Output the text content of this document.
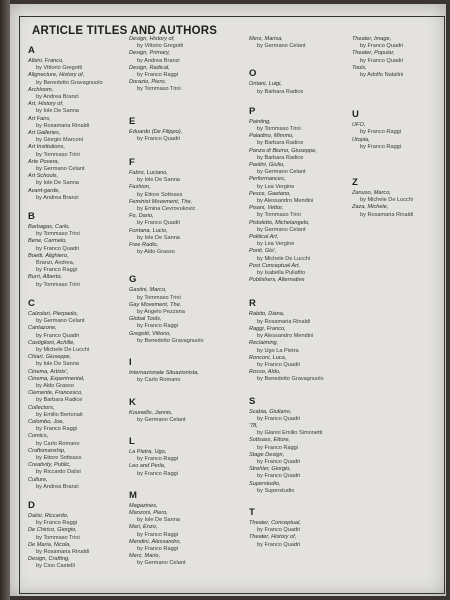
ARTICLE TITLES AND AUTHORS
A
Albini, Franco,
by Vittorio Gregotti
Allgnecture, History of,
by Benedetto Gravagnuolo
Archloom,
by Andrea Branzi
Art, History of,
by Iole De Sanna
Art Fairs,
by Rosamaria Rinaldi
Art Galleries,
by Giorgio Marconi
Art Institutions,
by Tommaso Trini
Arte Povera,
by Germano Celant
Art Schools,
by Iole De Sanna
Avant-garde,
by Andrea Branzi
B
Barbagas, Carlo,
by Tommaso Trini
Bene, Carmelo,
by Franco Quadri
Boetti, Alighiero,
Branzi, Andrea,
by Franco Raggi
Burri, Alberto,
by Tommaso Trini
C
Calzolari, Pierpaolo,
by Germano Celant
Cantazone,
by Franco Quadri
Castiglioni, Achille,
by Michele De Lucchi
Chiari, Giuseppe,
by Iole De Sanna
Cinema, Artists',
Cinema, Experimental,
by Aldo Grasso
Clemente, Francesco,
by Barbara Radice
Collectors,
by Emilio Bertonati
Colombo, Joe,
by Franco Raggi
Comics,
by Carlo Romano
Craftsmanship,
by Ettore Sottsass
Creativity, Public,
by Riccardo Dalisi
Culture,
by Andrea Branzi
D
Dalisi, Riccardo,
by Franco Raggi
De Chirico, Giorgio,
by Tommaso Trini
De Maria, Nicola,
by Rosamaria Rinaldi
Design, Crafting,
by Cioo Castelli
Design, History of,
by Vittorio Gregotti
Design, Primary,
by Andrea Branzi
Design, Radical,
by Franco Raggi
Dorazio, Piero,
by Tommaso Trini
E
Eduardo (De Filippo),
by Franco Quadri
F
Fabro, Luciano,
by Iole De Sanna
Fashion,
by Ettore Sottsass
Feminist Movement, The,
by Emina Cevrovukovic
Fo, Dario,
by Franco Quadri
Fontana, Lucio,
by Iole De Sanna
Free Radio,
by Aldo Grasso
G
Gastini, Marco,
by Tommaso Trini
Gay Movement, The,
by Angelo Pezzana
Global Tools,
by Franco Raggi
Gregotti, Vittorio,
by Benedetto Gravagnuolo
I
Internazionale Situazionista,
by Carlo Romano
K
Kounellis, Jannis,
by Germano Celant
L
La Pietra, Ugo,
by Franco Raggi
Leo and Perla,
by Franco Raggi
M
Magazines,
Manzoni, Piero,
by Iole De Sanna
Mari, Enzo,
by Franco Raggi
Mendini, Alessandro,
by Franco Raggi
Merz, Mario,
by Germano Celant
Merz, Marisa,
by Germano Celant
O
Ontani, Luigi,
by Barbara Radice
P
Painting,
by Tommaso Trini
Paladino, Mimmo,
by Barbara Radice
Panza di Biumo, Giuseppe,
by Barbara Radice
Paolini, Giulio,
by Germano Celant
Performances,
by Lea Vergine
Pesce, Gaetano,
by Alessandro Mendini
Pisani, Vettor,
by Tommaso Trini
Pistoletto, Michelangelo,
by Germano Celant
Political Art,
by Lea Vergine
Ponti, Gio',
by Michele De Lucchi
Post Conceptual Art,
by Isabella Puliafito
Publishers, Alternative
R
Rabito, Diana,
by Rosamaria Rinaldi
Raggi, Franco,
by Alessandro Mendini
Reclaiming,
by Ugo La Pietra
Ronconi, Luca,
by Franco Quadri
Rosso, Aldo,
by Benedetto Gravagnuolo
S
Scabia, Giuliano,
by Franco Quadri
'78,
by Gianni Emilio Simonetti
Sottsass, Ettore,
by Franco Raggi
Stage Design,
by Franco Quadri
Strehler, Giorgio,
by Franco Quadri
Superstudio,
by Superstudio
T
Theater, Conceptual,
by Franco Quadri
Theater, History of,
by Franco Quadri
Theater, Image,
by Franco Quadri
Theater, Popular,
by Franco Quadri
Tools,
by Adolfo Natalini
U
UFO,
by Franco Raggi
Utopia,
by Franco Raggi
Z
Zanuso, Marco,
by Michele De Lucchi
Zaza, Michele,
by Rosamaria Rinaldi
